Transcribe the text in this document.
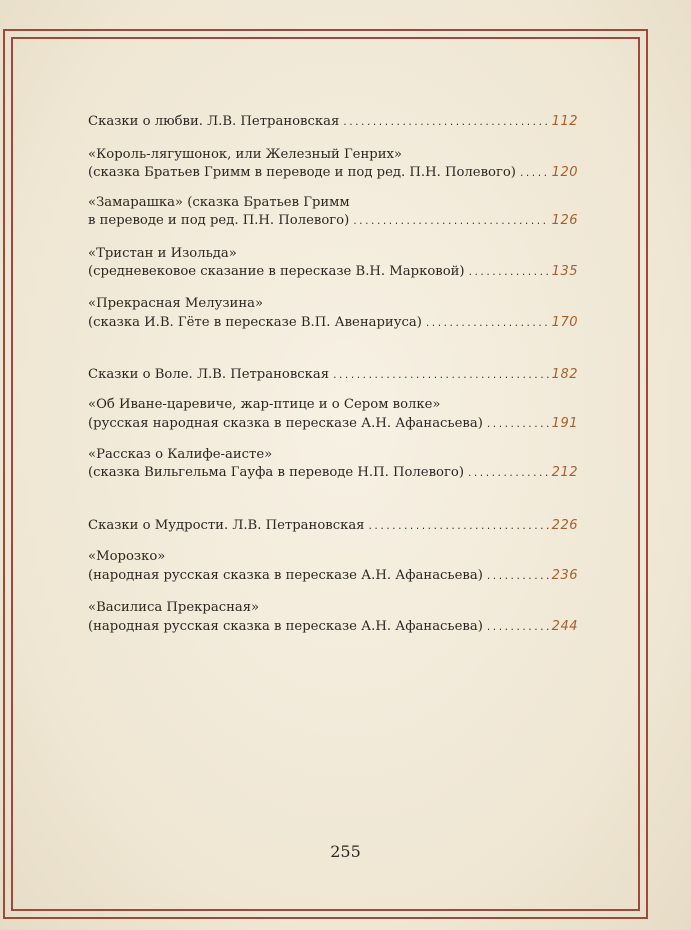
Сказки о любви. Л.В. Петрановская .....	112
«Король-лягушонок, или Железный Генрих»
(сказка Братьев Гримм в переводе и под ред. П.Н. Полевого) .....	120
«Замарашка» (сказка Братьев Гримм
в переводе и под ред. П.Н. Полевого) .....	126
«Тристан и Изольда»
(средневековое сказание в пересказе В.Н. Марковой) .....	135
«Прекрасная Мелузина»
(сказка И.В. Гёте в пересказе В.П. Авенариуса) .....	170
Сказки о Воле. Л.В. Петрановская .....	182
«Об Иване-царевиче, жар-птице и о Сером волке»
(русская народная сказка в пересказе А.Н. Афанасьева) .....	191
«Рассказ о Калифе-аисте»
(сказка Вильгельма Гауфа в переводе Н.П. Полевого) .....	212
Сказки о Мудрости. Л.В. Петрановская .....	226
«Морозко»
(народная русская сказка в пересказе А.Н. Афанасьева) .....	236
«Василиса Прекрасная»
(народная русская сказка в пересказе А.Н. Афанасьева) .....	244
255
